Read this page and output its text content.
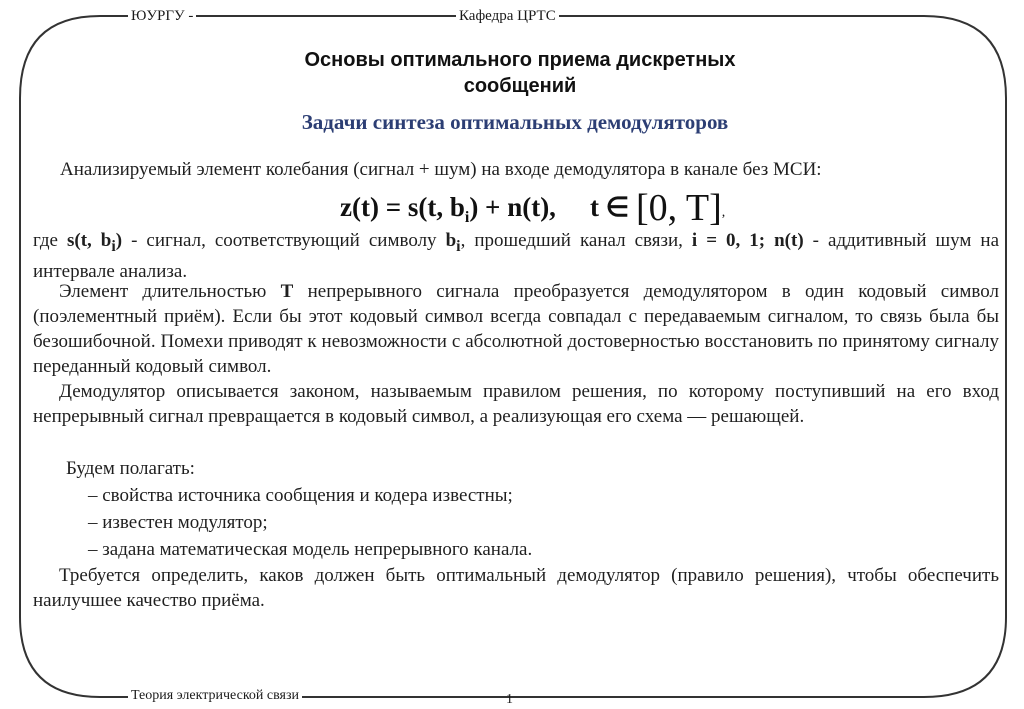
ЮУРГУ -	Кафедра ЦРТС
Основы оптимального приема дискретных
сообщений
Задачи синтеза оптимальных демодуляторов
Анализируемый элемент колебания (сигнал + шум) на входе демодулятора в канале без МСИ:
z(t) = s(t, $b_i) + n(t)$, t ∈ [0, T],
где s(t, $b_i$) - сигнал, соответствующий символу $b_i$, прошедший канал связи, i = 0, 1; n(t) - аддитивный шум на интервале анализа.
Элемент длительностью Т непрерывного сигнала преобразуется демодулятором в один кодовый символ (поэлементный приём). Если бы этот кодовый символ всегда совпадал с передаваемым сигналом, то связь была бы безошибочной. Помехи приводят к невозможности с абсолютной достоверностью восстановить по принятому сигналу переданный кодовый символ.
Демодулятор описывается законом, называемым правилом решения, по которому поступивший на его вход непрерывный сигнал превращается в кодовый символ, а реализующая его схема — решающей.
Будем полагать:
– свойства источника сообщения и кодера известны;
– известен модулятор;
– задана математическая модель непрерывного канала.
Требуется определить, каков должен быть оптимальный демодулятор (правило решения), чтобы обеспечить наилучшее качество приёма.
Теория электрической связи	1
